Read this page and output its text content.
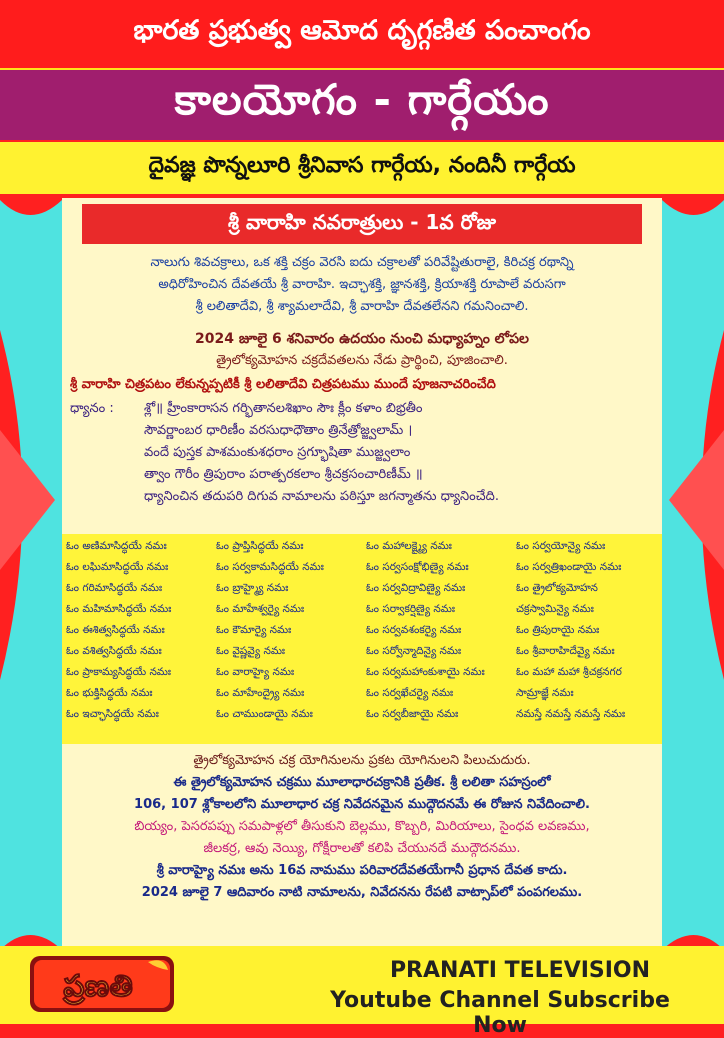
భారత ప్రభుత్వ ఆమోద దృగ్గణిత పంచాంగం
కాలయోగం - గార్గేయం
దైవజ్ఞ పొన్నలూరి శ్రీనివాస గార్గేయ, నందినీ గార్గేయ
శ్రీ వారాహి నవరాత్రులు - 1వ రోజు
నాలుగు శివచక్రాలు, ఒక శక్తి చక్రం వెరసి ఐదు చక్రాలతో పరివేష్టితురాలై, కిరిచక్ర రథాన్ని
అధిరోహించిన దేవతయే శ్రీ వారాహి. ఇచ్ఛాశక్తి, జ్ఞానశక్తి, క్రియాశక్తి రూపాలే వరుసగా
శ్రీ లలితాదేవి, శ్రీ శ్యామలాదేవి, శ్రీ వారాహి దేవతలేనని గమనించాలి.
2024 జూలై 6 శనివారం ఉదయం నుంచి మధ్యాహ్నం లోపల
త్రైలోక్యమోహన చక్రదేవతలను నేడు ప్రార్థించి, పూజించాలి.
శ్రీ వారాహి చిత్రపటం లేకున్నప్పటికీ శ్రీ లలితాదేవి చిత్రపటము ముందే పూజనాచరించేది
ధ్యానం :	శ్లో॥ హ్రీంకారాసన గర్భితానలశిఖాం సౌః క్లీం కళాం బిభ్రతీం
సౌవర్ణాంబర ధారిణీం వరసుధాధౌతాం త్రినేత్రోజ్జ్వలామ్ ।
వందే పుస్తక పాశమంకుశధరాం స్రగ్భూషితా ముజ్జ్వలాం
త్వాం గౌరీం త్రిపురాం పరాత్పరకలాం శ్రీచక్రసంచారిణీమ్ ॥
ధ్యానించిన తదుపరి దిగువ నామాలను పఠిస్తూ జగన్మాతను ధ్యానించేది.
ఓం అణిమాసిద్ధయే నమః	ఓం ప్రాప్తిసిద్ధయే నమః	ఓం మహాలక్ష్మ్యై నమః	ఓం సర్వయోన్యై నమః
ఓం లఘిమాసిద్ధయే నమః	ఓం సర్వకామసిద్ధయే నమః	ఓం సర్వసంక్షోభిణ్యై నమః	ఓం సర్వత్రిఖండాయై నమః
ఓం గరిమాసిద్ధయే నమః	ఓం బ్రాహ్మ్యై నమః	ఓం సర్వవిద్రావిణ్యై నమః	ఓం త్రైలోక్యమోహన
ఓం మహిమాసిద్ధయే నమః	ఓం మాహేశ్వర్యై నమః	ఓం సర్వాకర్షిణ్యై నమః	చక్రస్వామిన్యై నమః
ఓం ఈశిత్వసిద్ధయే నమః	ఓం కౌమార్యై నమః	ఓం సర్వవశంకర్యై నమః	ఓం త్రిపురాయై నమః
ఓం వశిత్వసిద్ధయే నమః	ఓం వైష్ణవ్యై నమః	ఓం సర్వోన్మాదిన్యై నమః	ఓం శ్రీవారాహిదేవ్యై నమః
ఓం ప్రాకామ్యసిద్ధయే నమః	ఓం వారాహ్యై నమః	ఓం సర్వమహాంకుశాయై నమః	ఓం మహా మహా శ్రీచక్రనగర
ఓం భుక్తిసిద్ధయే నమః	ఓం మాహేంద్ర్యై నమః	ఓం సర్వఖేచర్యై నమః	సామ్రాజ్ఞే నమః
ఓం ఇచ్ఛాసిద్ధయే నమః	ఓం చాముండాయై నమః	ఓం సర్వబీజాయై నమః	నమస్తే నమస్తే నమస్తే నమః
త్రైలోక్యమోహన చక్ర యోగినులను ప్రకట యోగినులని పిలుచుదురు.
ఈ త్రైలోక్యమోహన చక్రము మూలాధారచక్రానికి ప్రతీక. శ్రీ లలితా సహస్రంలో
106, 107 శ్లోకాలలోని మూలాధార చక్ర నివేదనమైన ముద్గౌదనమే ఈ రోజున నివేదించాలి.
బియ్యం, పెసరపప్పు సమపాళ్లలో తీసుకుని బెల్లము, కొబ్బరి, మిరియాలు, సైంధవ లవణము,
జీలకర్ర, ఆవు నెయ్యి, గోక్షీరాలతో కలిపి చేయునదే ముద్గౌదనము.
శ్రీ వారాహ్యై నమః అను 16వ నామము పరివారదేవతయేగానీ ప్రధాన దేవత కాదు.
2024 జూలై 7 ఆదివారం నాటి నామాలను, నివేదనను రేపటి వాట్సాప్‌లో పంపగలము.
ప్రణతి	PRANATI TELEVISION
Youtube Channel Subscribe Now
